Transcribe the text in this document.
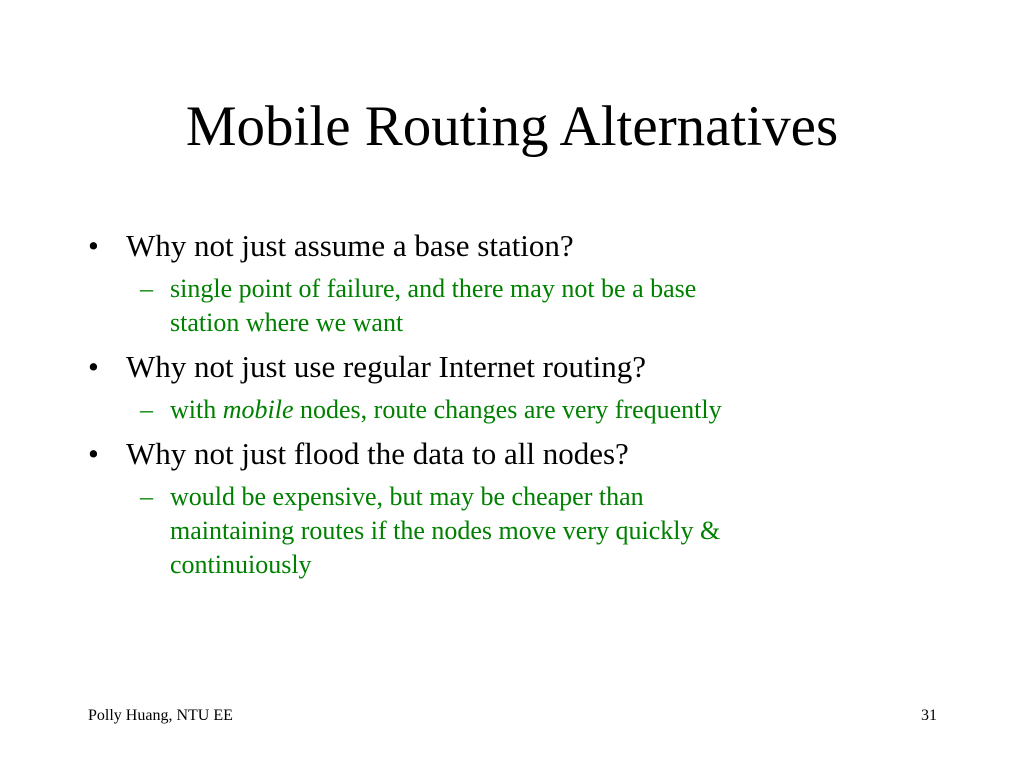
Mobile Routing Alternatives
• Why not just assume a base station?
– single point of failure, and there may not be a base
station where we want
• Why not just use regular Internet routing?
– with mobile nodes, route changes are very frequently
• Why not just flood the data to all nodes?
– would be expensive, but may be cheaper than
maintaining routes if the nodes move very quickly &
continuiously
Polly Huang, NTU EE	31
